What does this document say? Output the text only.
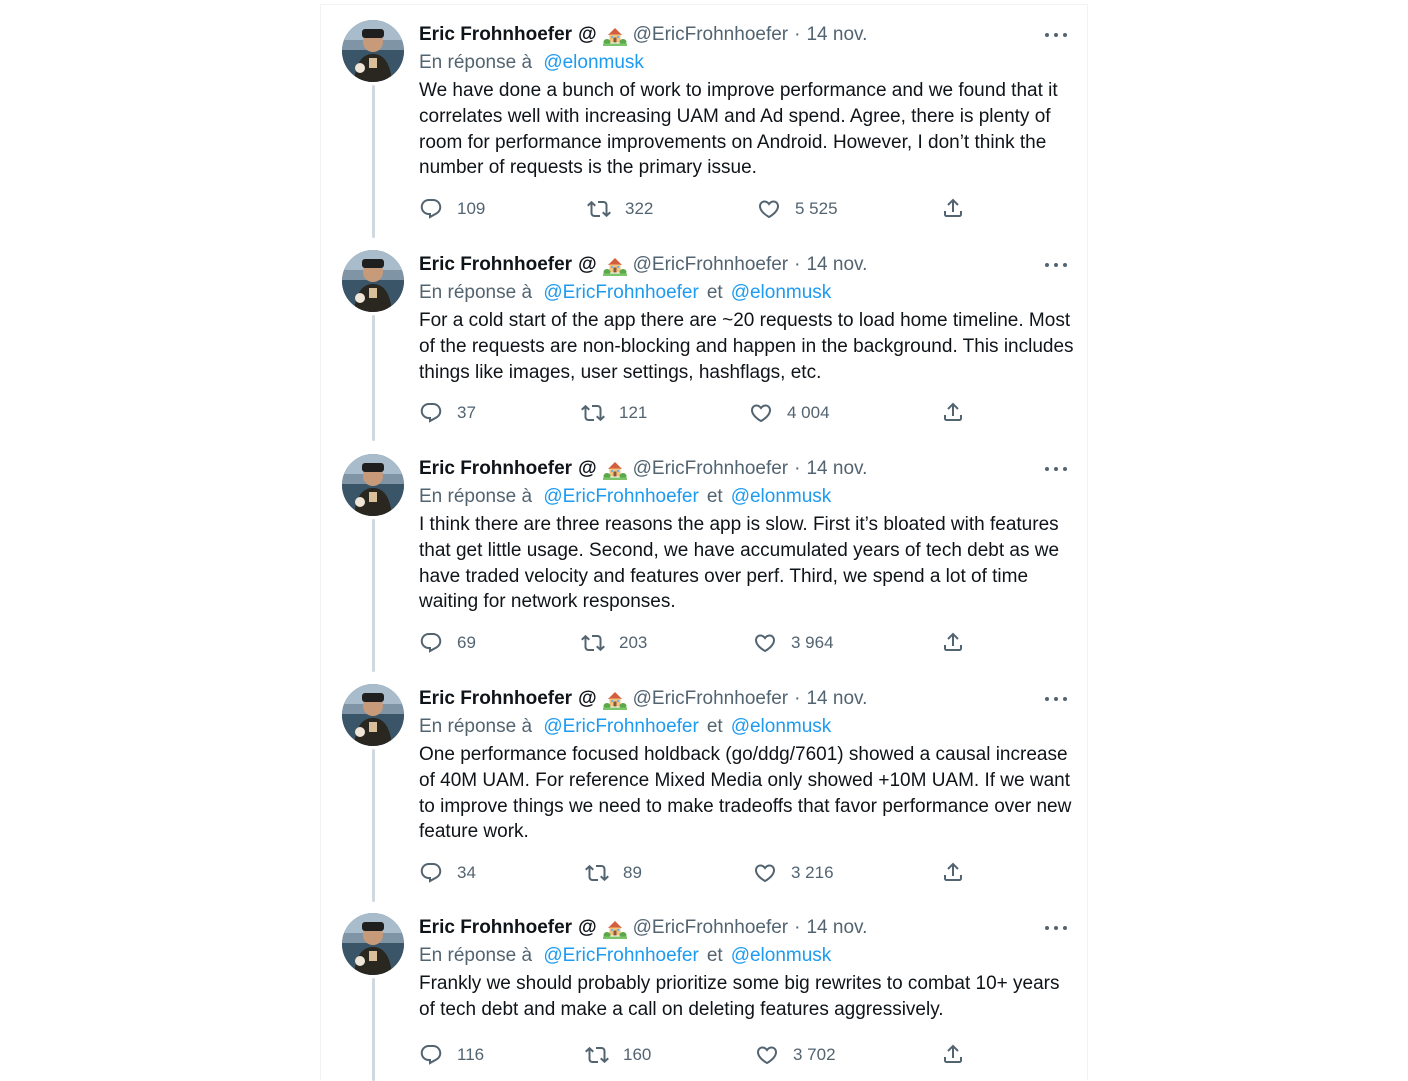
Eric Frohnhoefer @ @EricFrohnhoefer · 14 nov.
En réponse à @elonmusk
We have done a bunch of work to improve performance and we found that it correlates well with increasing UAM and Ad spend. Agree, there is plenty of room for performance improvements on Android. However, I don’t think the number of requests is the primary issue.
109	322	5 525
Eric Frohnhoefer @ @EricFrohnhoefer · 14 nov.
En réponse à @EricFrohnhoefer et @elonmusk
For a cold start of the app there are ~20 requests to load home timeline. Most of the requests are non-blocking and happen in the background. This includes things like images, user settings, hashflags, etc.
37	121	4 004
Eric Frohnhoefer @ @EricFrohnhoefer · 14 nov.
En réponse à @EricFrohnhoefer et @elonmusk
I think there are three reasons the app is slow. First it’s bloated with features that get little usage. Second, we have accumulated years of tech debt as we have traded velocity and features over perf. Third, we spend a lot of time waiting for network responses.
69	203	3 964
Eric Frohnhoefer @ @EricFrohnhoefer · 14 nov.
En réponse à @EricFrohnhoefer et @elonmusk
One performance focused holdback (go/ddg/7601) showed a causal increase of 40M UAM. For reference Mixed Media only showed +10M UAM. If we want to improve things we need to make tradeoffs that favor performance over new feature work.
34	89	3 216
Eric Frohnhoefer @ @EricFrohnhoefer · 14 nov.
En réponse à @EricFrohnhoefer et @elonmusk
Frankly we should probably prioritize some big rewrites to combat 10+ years of tech debt and make a call on deleting features aggressively.
116	160	3 702
